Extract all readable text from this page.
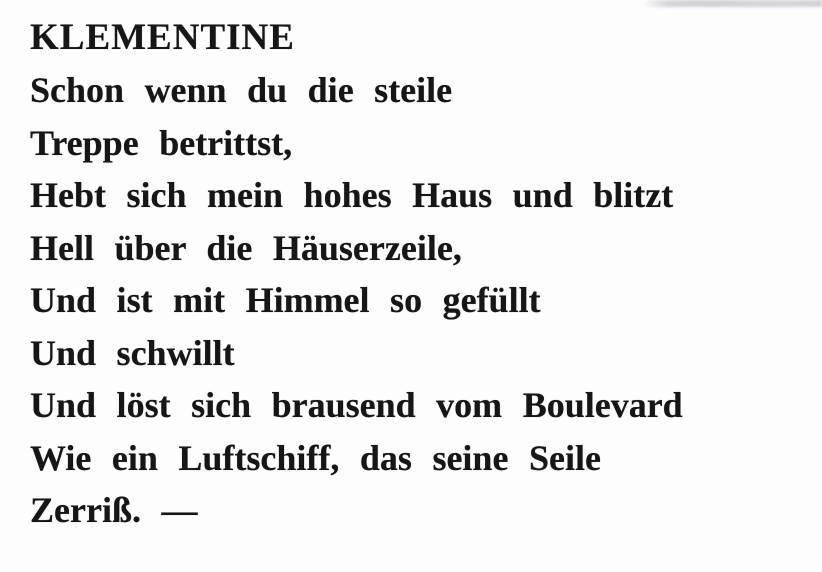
KLEMENTINE
Schon wenn du die steile
Treppe betrittst,
Hebt sich mein hohes Haus und blitzt
Hell über die Häuserzeile,
Und ist mit Himmel so gefüllt
Und schwillt
Und löst sich brausend vom Boulevard
Wie ein Luftschiff, das seine Seile
Zerriß. —
